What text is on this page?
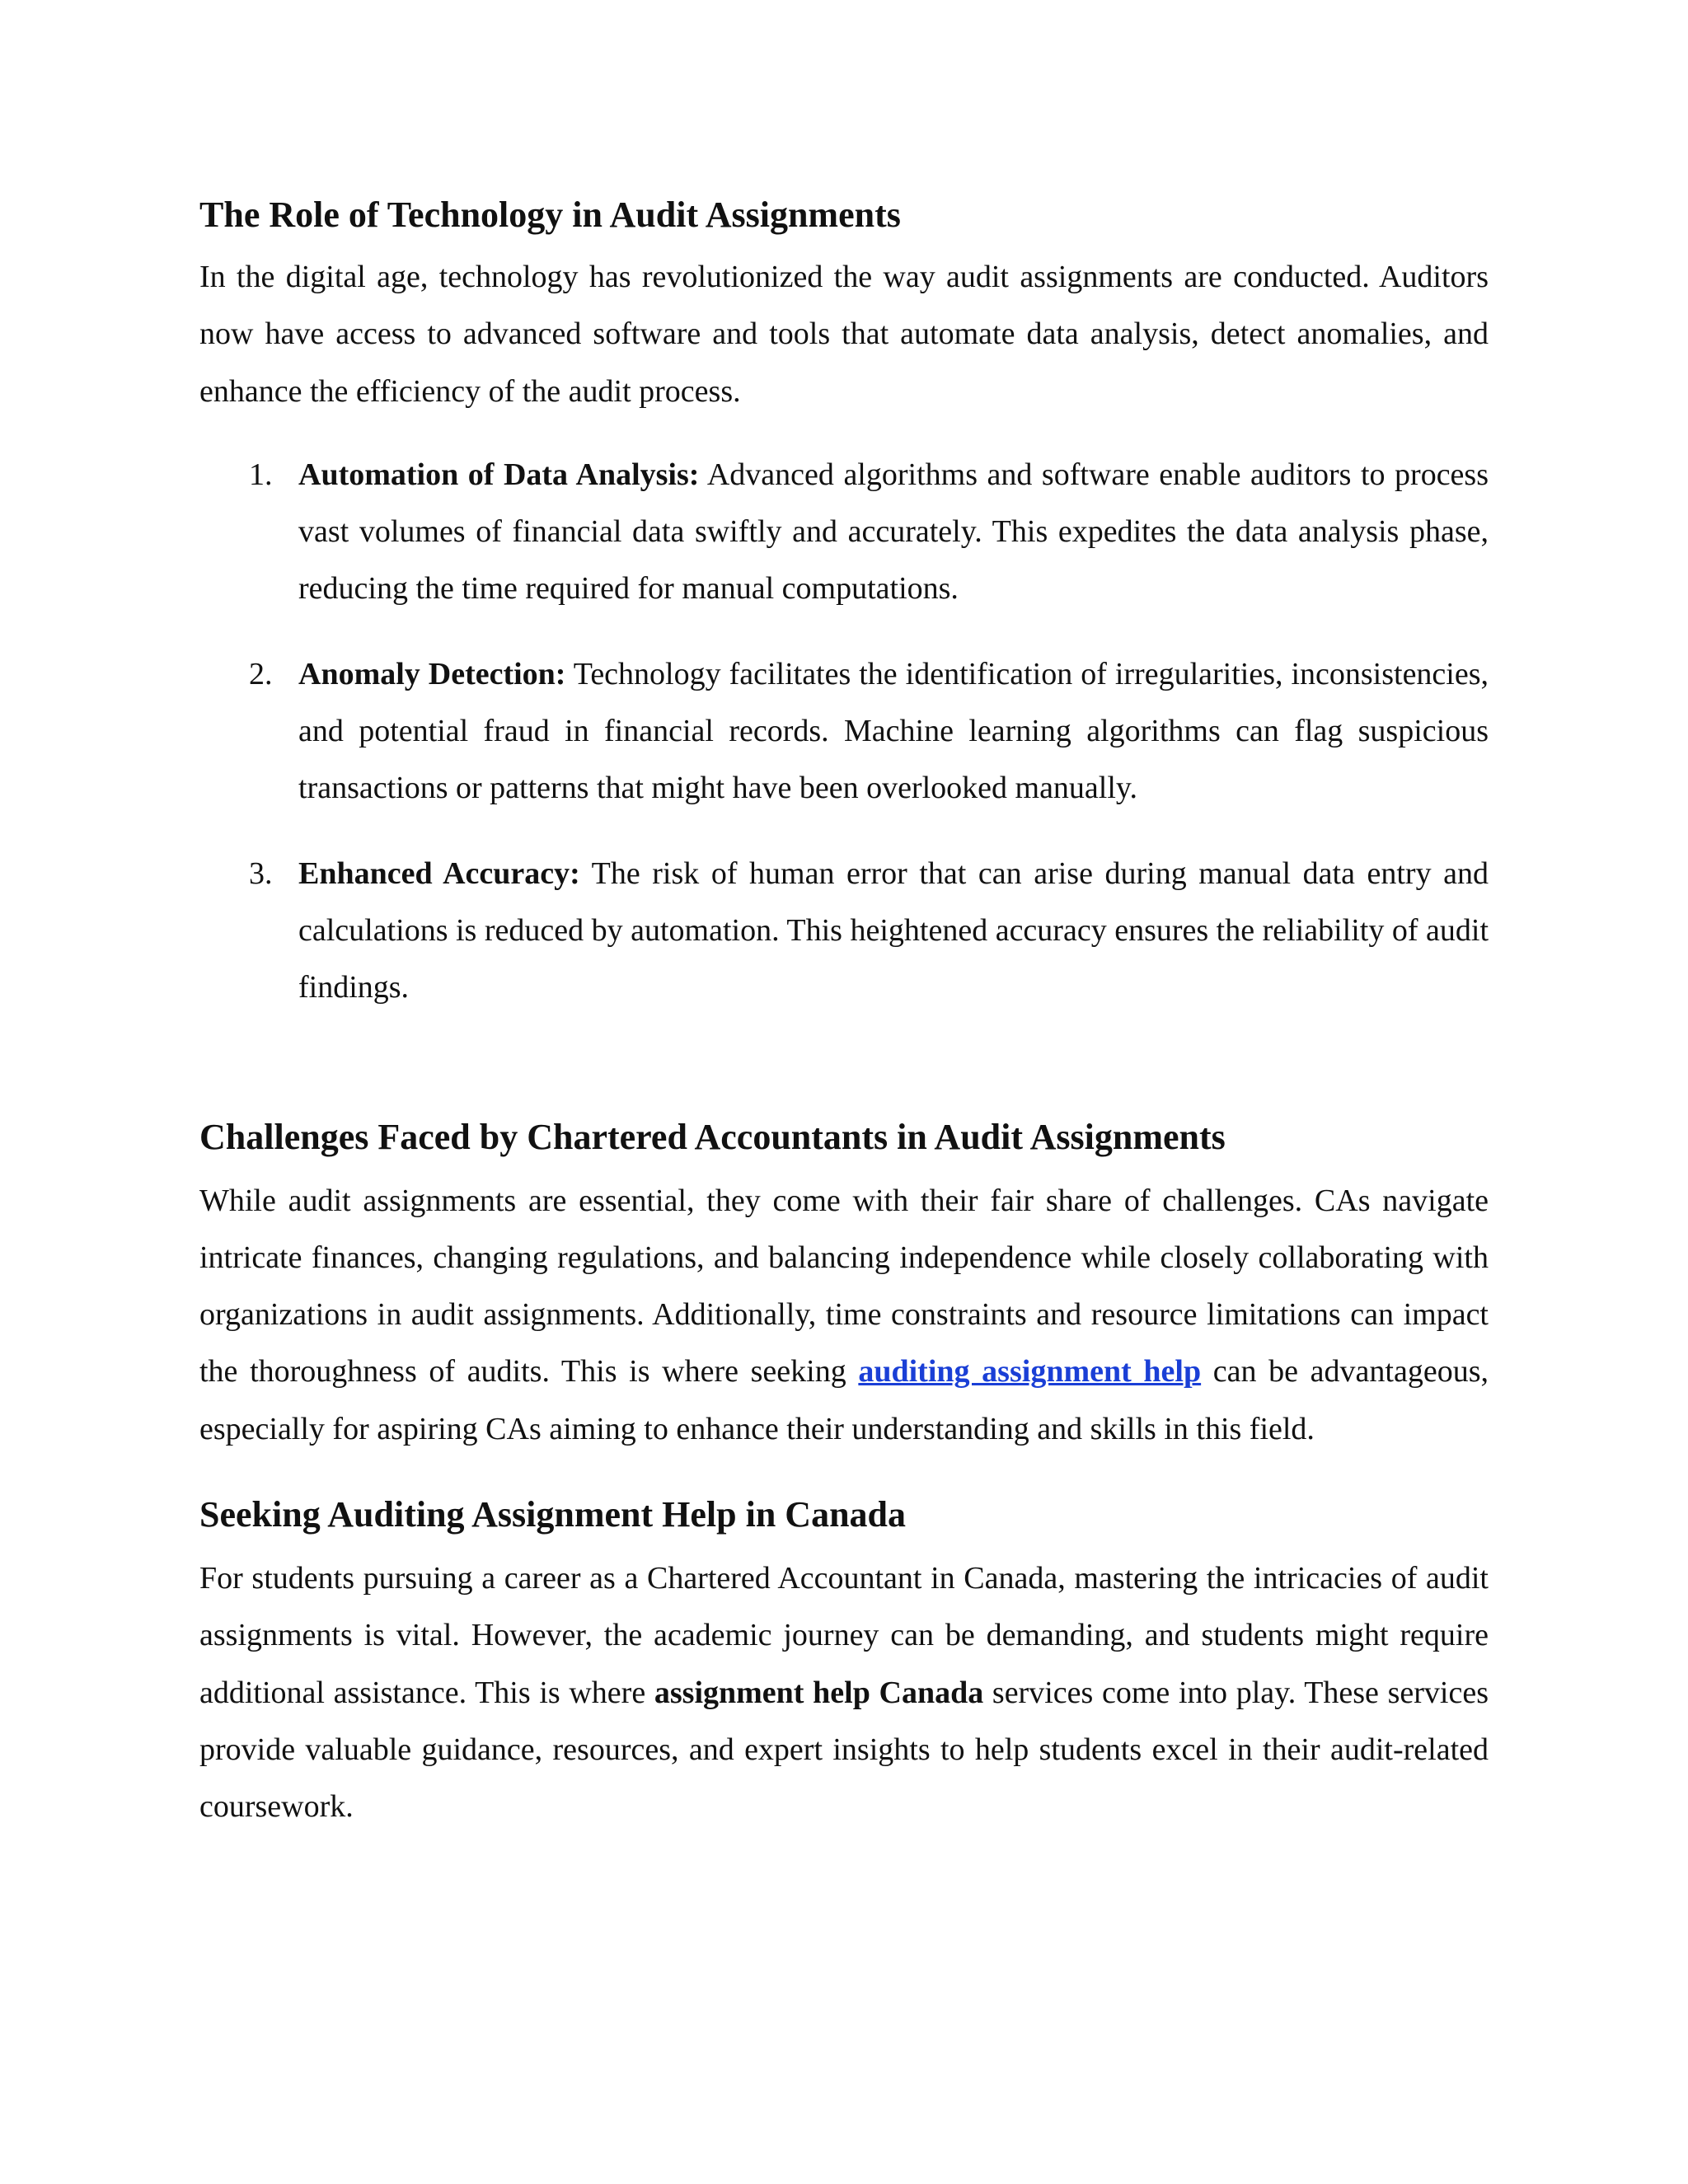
The Role of Technology in Audit Assignments

In the digital age, technology has revolutionized the way audit assignments are conducted. Auditors now have access to advanced software and tools that automate data analysis, detect anomalies, and enhance the efficiency of the audit process.

1. Automation of Data Analysis: Advanced algorithms and software enable auditors to process vast volumes of financial data swiftly and accurately. This expedites the data analysis phase, reducing the time required for manual computations.
2. Anomaly Detection: Technology facilitates the identification of irregularities, inconsistencies, and potential fraud in financial records. Machine learning algorithms can flag suspicious transactions or patterns that might have been overlooked manually.
3. Enhanced Accuracy: The risk of human error that can arise during manual data entry and calculations is reduced by automation. This heightened accuracy ensures the reliability of audit findings.
Challenges Faced by Chartered Accountants in Audit Assignments

While audit assignments are essential, they come with their fair share of challenges. CAs navigate intricate finances, changing regulations, and balancing independence while closely collaborating with organizations in audit assignments. Additionally, time constraints and resource limitations can impact the thoroughness of audits. This is where seeking auditing assignment help can be advantageous, especially for aspiring CAs aiming to enhance their understanding and skills in this field.

Seeking Auditing Assignment Help in Canada

For students pursuing a career as a Chartered Accountant in Canada, mastering the intricacies of audit assignments is vital. However, the academic journey can be demanding, and students might require additional assistance. This is where assignment help Canada services come into play. These services provide valuable guidance, resources, and expert insights to help students excel in their audit-related coursework.
